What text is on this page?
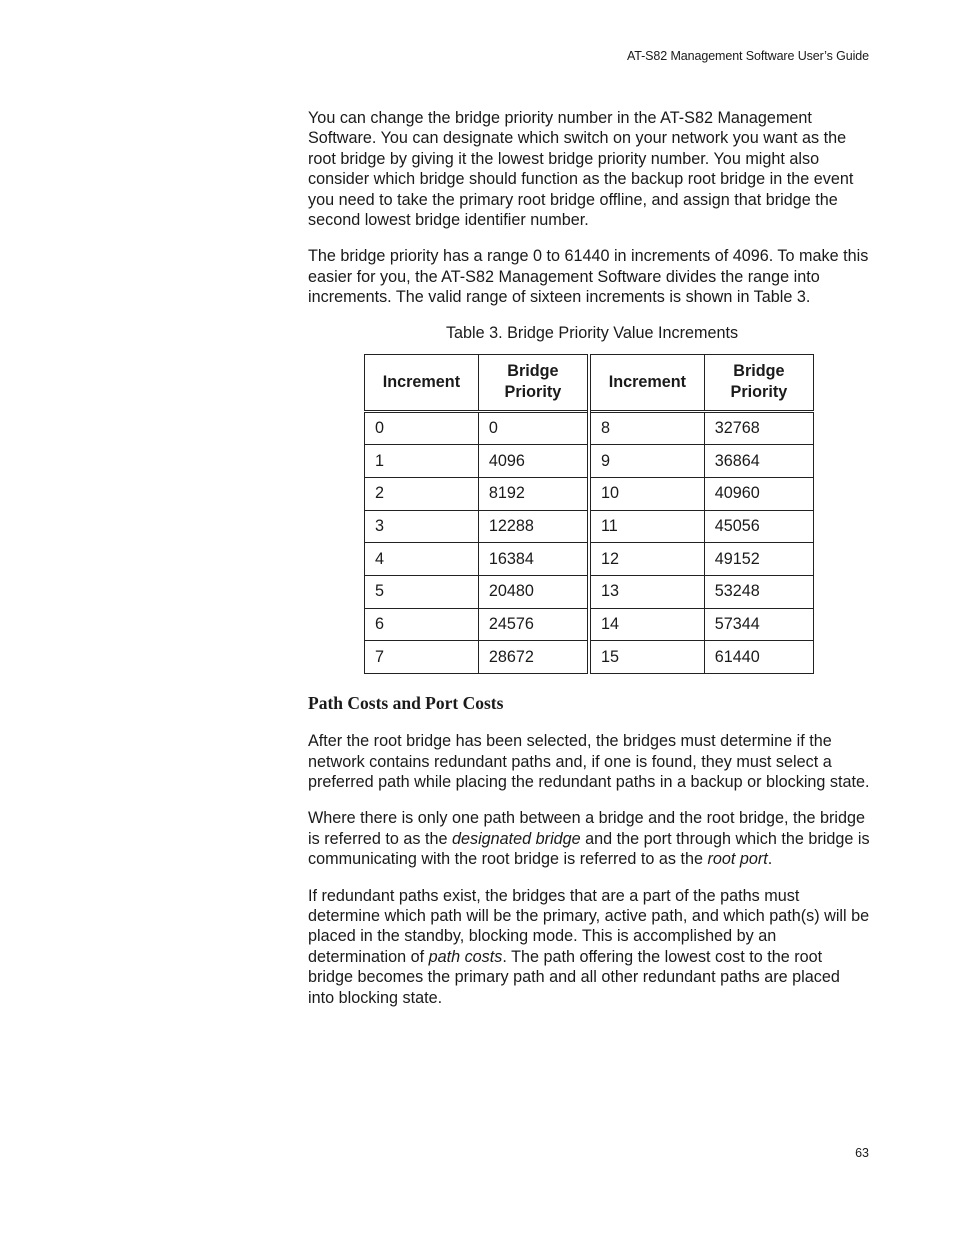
AT-S82 Management Software User’s Guide

You can change the bridge priority number in the AT-S82 Management Software. You can designate which switch on your network you want as the root bridge by giving it the lowest bridge priority number. You might also consider which bridge should function as the backup root bridge in the event you need to take the primary root bridge offline, and assign that bridge the second lowest bridge identifier number.

The bridge priority has a range 0 to 61440 in increments of 4096. To make this easier for you, the AT-S82 Management Software divides the range into increments. The valid range of sixteen increments is shown in Table 3.

Table 3. Bridge Priority Value Increments
Increment	Bridge Priority	Increment	Bridge Priority
0	0	8	32768
1	4096	9	36864
2	8192	10	40960
3	12288	11	45056
4	16384	12	49152
5	20480	13	53248
6	24576	14	57344
7	28672	15	61440
Path Costs and Port Costs

After the root bridge has been selected, the bridges must determine if the network contains redundant paths and, if one is found, they must select a preferred path while placing the redundant paths in a backup or blocking state.

Where there is only one path between a bridge and the root bridge, the bridge is referred to as the designated bridge and the port through which the bridge is communicating with the root bridge is referred to as the root port.

If redundant paths exist, the bridges that are a part of the paths must determine which path will be the primary, active path, and which path(s) will be placed in the standby, blocking mode. This is accomplished by an determination of path costs. The path offering the lowest cost to the root bridge becomes the primary path and all other redundant paths are placed into blocking state.

63
